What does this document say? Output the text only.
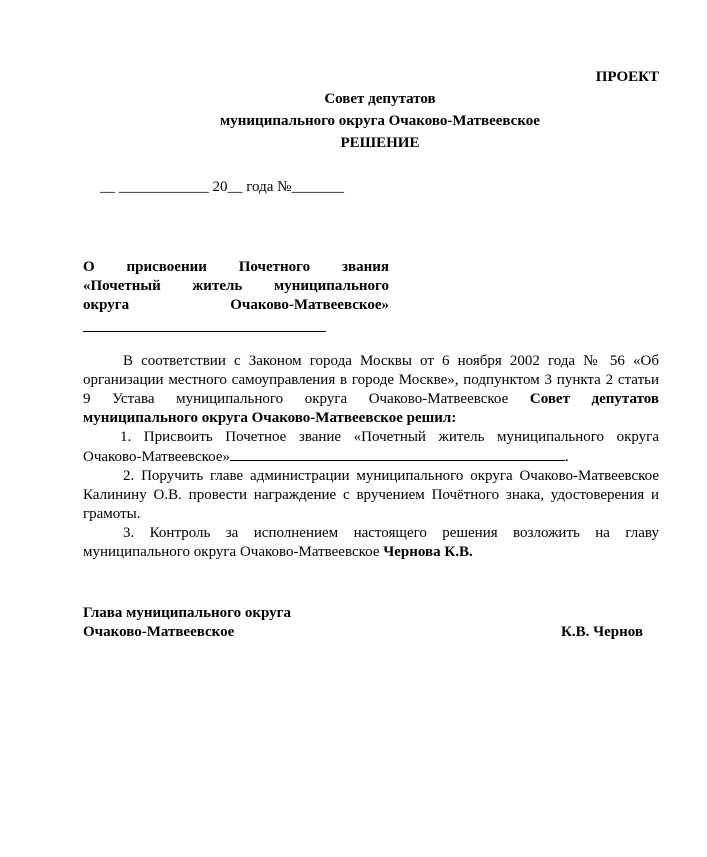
ПРОЕКТ
Совет депутатов
муниципального округа Очаково-Матвеевское
РЕШЕНИЕ
__ ____________ 20__ года №_______
О присвоении Почетного звания
«Почетный житель муниципального
округа Очаково-Матвеевское»

В соответствии с Законом города Москвы от 6 ноября 2002 года № 56 «Об организации местного самоуправления в городе Москве», подпунктом 3 пункта 2 статьи 9 Устава муниципального округа Очаково-Матвеевское Совет депутатов муниципального округа Очаково-Матвеевское решил:

1. Присвоить Почетное звание «Почетный житель муниципального округа Очаково-Матвеевское»	.

2. Поручить главе администрации муниципального округа Очаково-Матвеевское Калинину О.В. провести награждение с вручением Почётного знака, удостоверения и грамоты.

3. Контроль за исполнением настоящего решения возложить на главу муниципального округа Очаково-Матвеевское Чернова К.В.

Глава муниципального округа
Очаково-Матвеевское	К.В. Чернов
